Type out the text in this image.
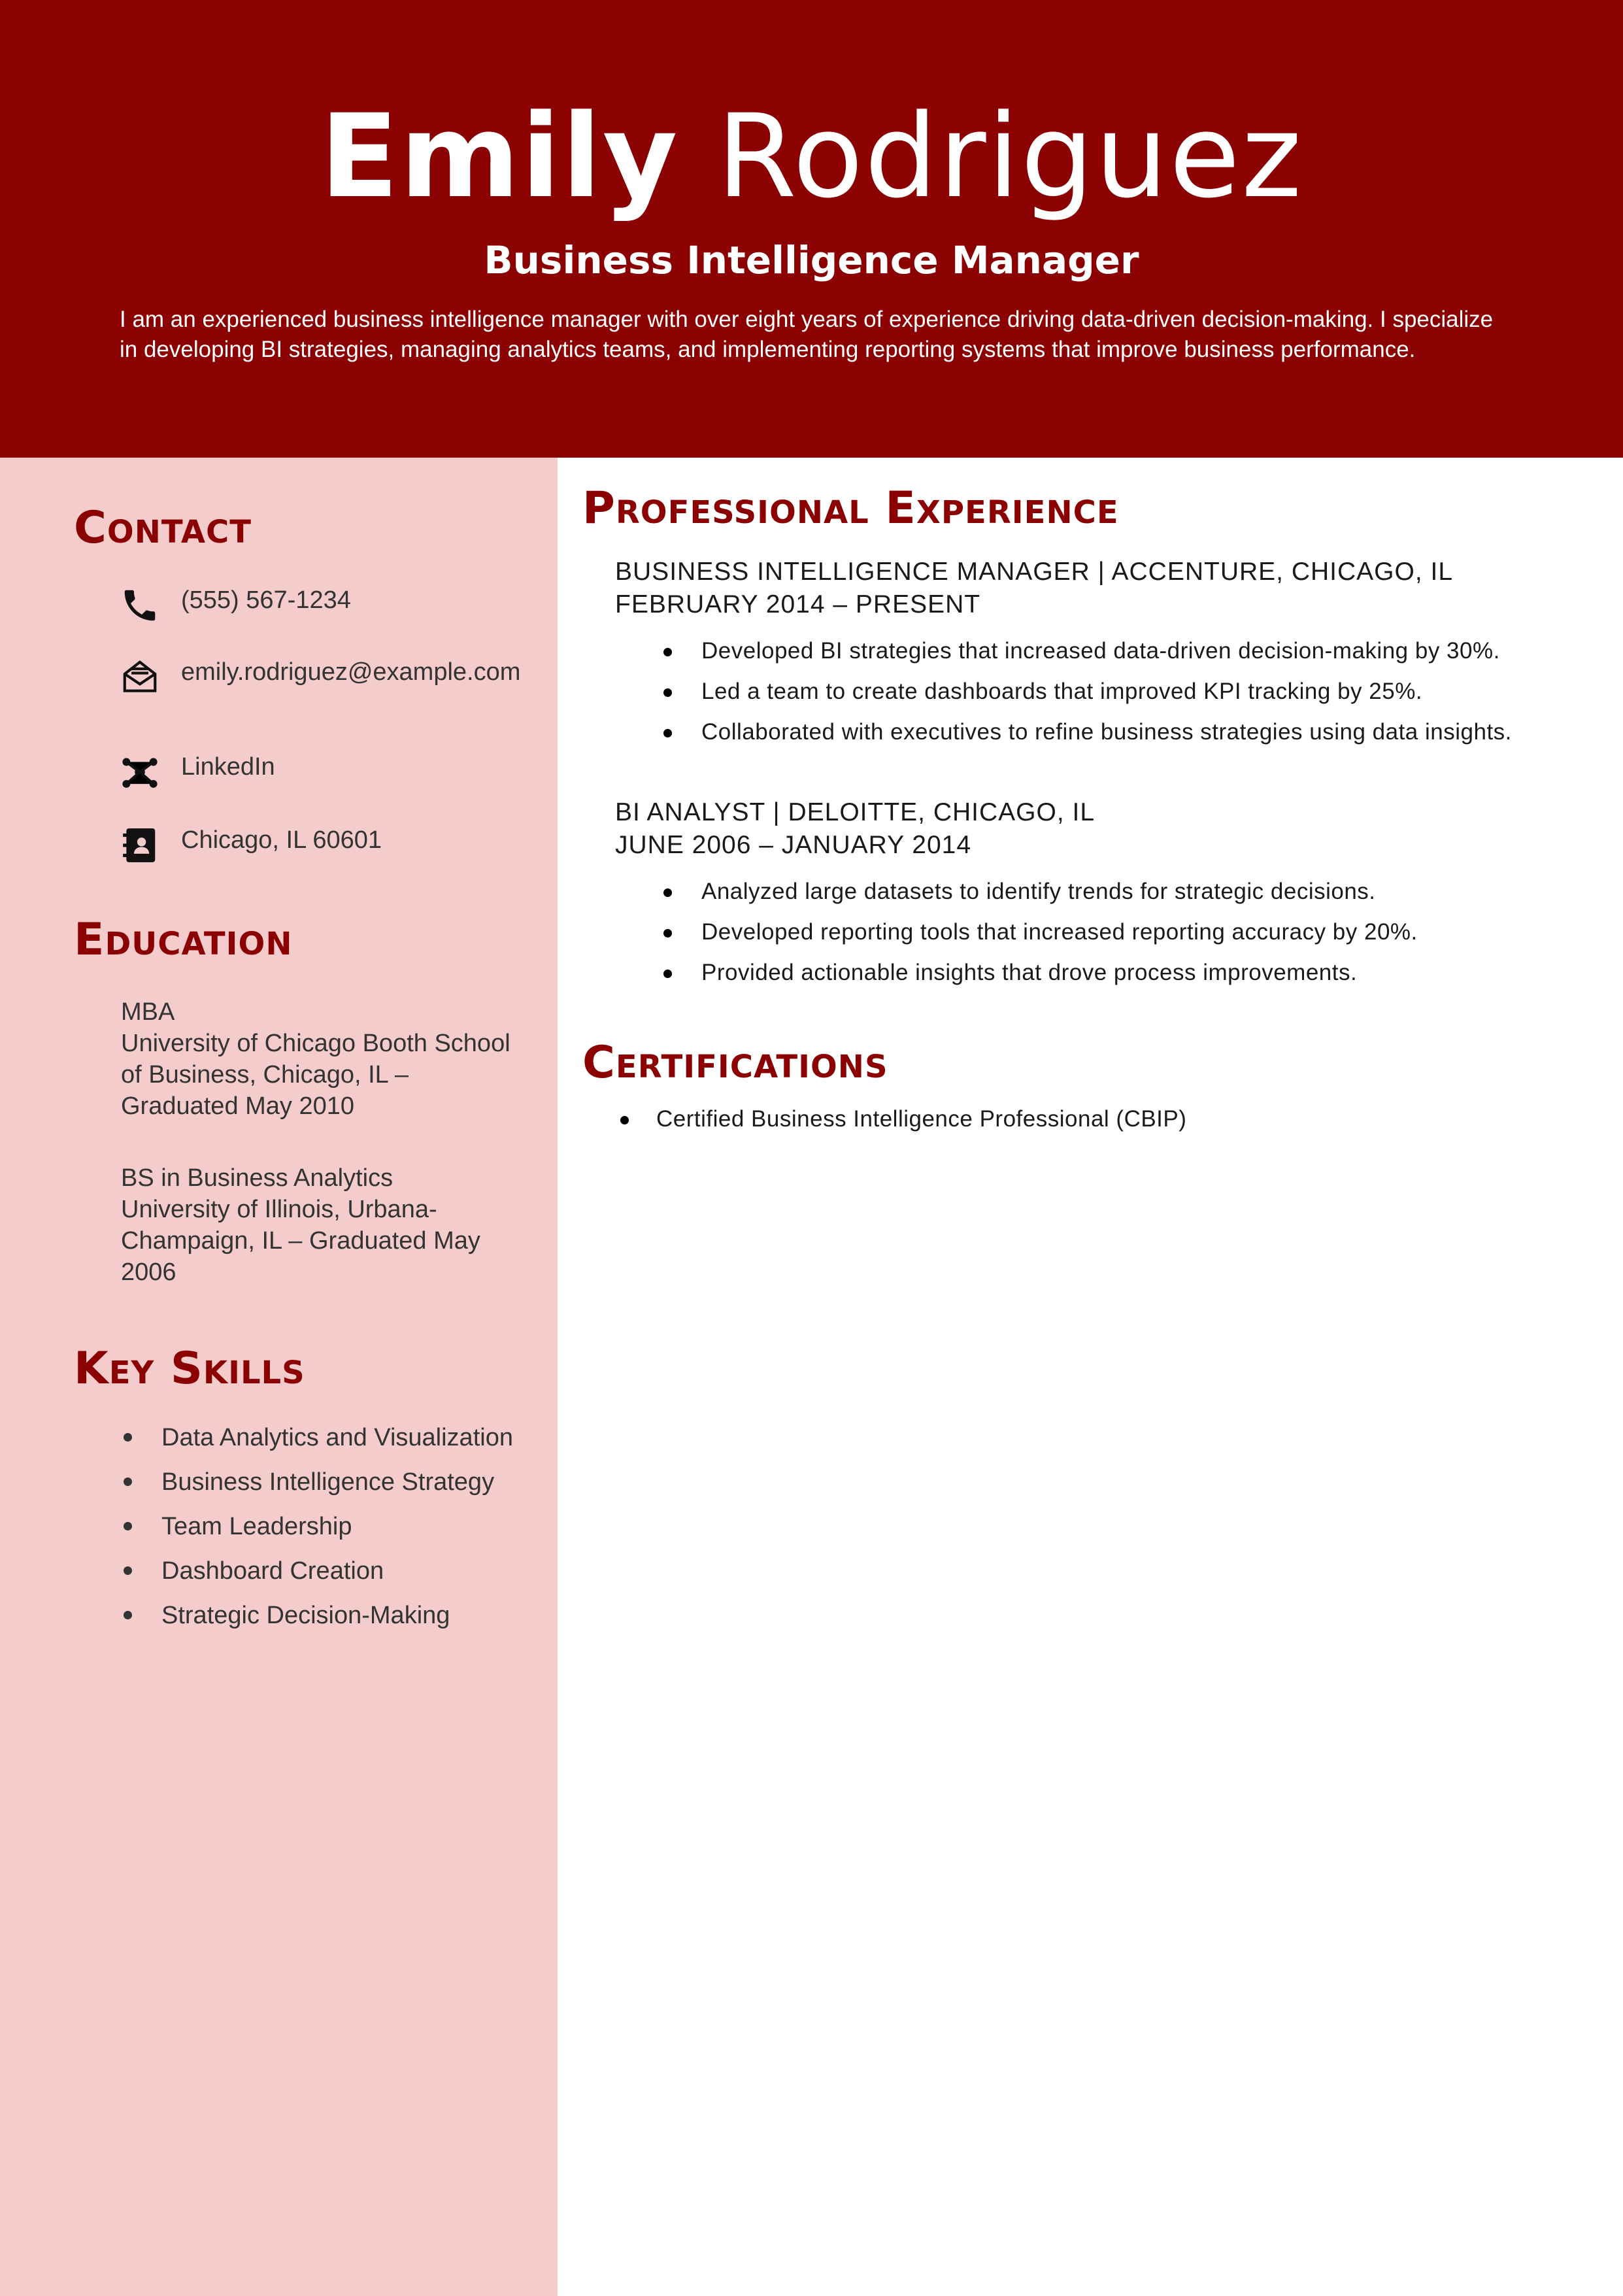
Emily Rodriguez
Business Intelligence Manager
I am an experienced business intelligence manager with over eight years of experience driving data-driven decision-making. I specialize in developing BI strategies, managing analytics teams, and implementing reporting systems that improve business performance.
Contact
(555) 567-1234
emily.rodriguez@example.com
LinkedIn
Chicago, IL 60601
Education
MBA
University of Chicago Booth School of Business, Chicago, IL – Graduated May 2010
BS in Business Analytics
University of Illinois, Urbana-Champaign, IL – Graduated May 2006
Key Skills
Data Analytics and Visualization
Business Intelligence Strategy
Team Leadership
Dashboard Creation
Strategic Decision-Making
Professional Experience
BUSINESS INTELLIGENCE MANAGER | ACCENTURE, CHICAGO, IL
FEBRUARY 2014 – PRESENT
Developed BI strategies that increased data-driven decision-making by 30%.
Led a team to create dashboards that improved KPI tracking by 25%.
Collaborated with executives to refine business strategies using data insights.
BI ANALYST | DELOITTE, CHICAGO, IL
JUNE 2006 – JANUARY 2014
Analyzed large datasets to identify trends for strategic decisions.
Developed reporting tools that increased reporting accuracy by 20%.
Provided actionable insights that drove process improvements.
Certifications
Certified Business Intelligence Professional (CBIP)
